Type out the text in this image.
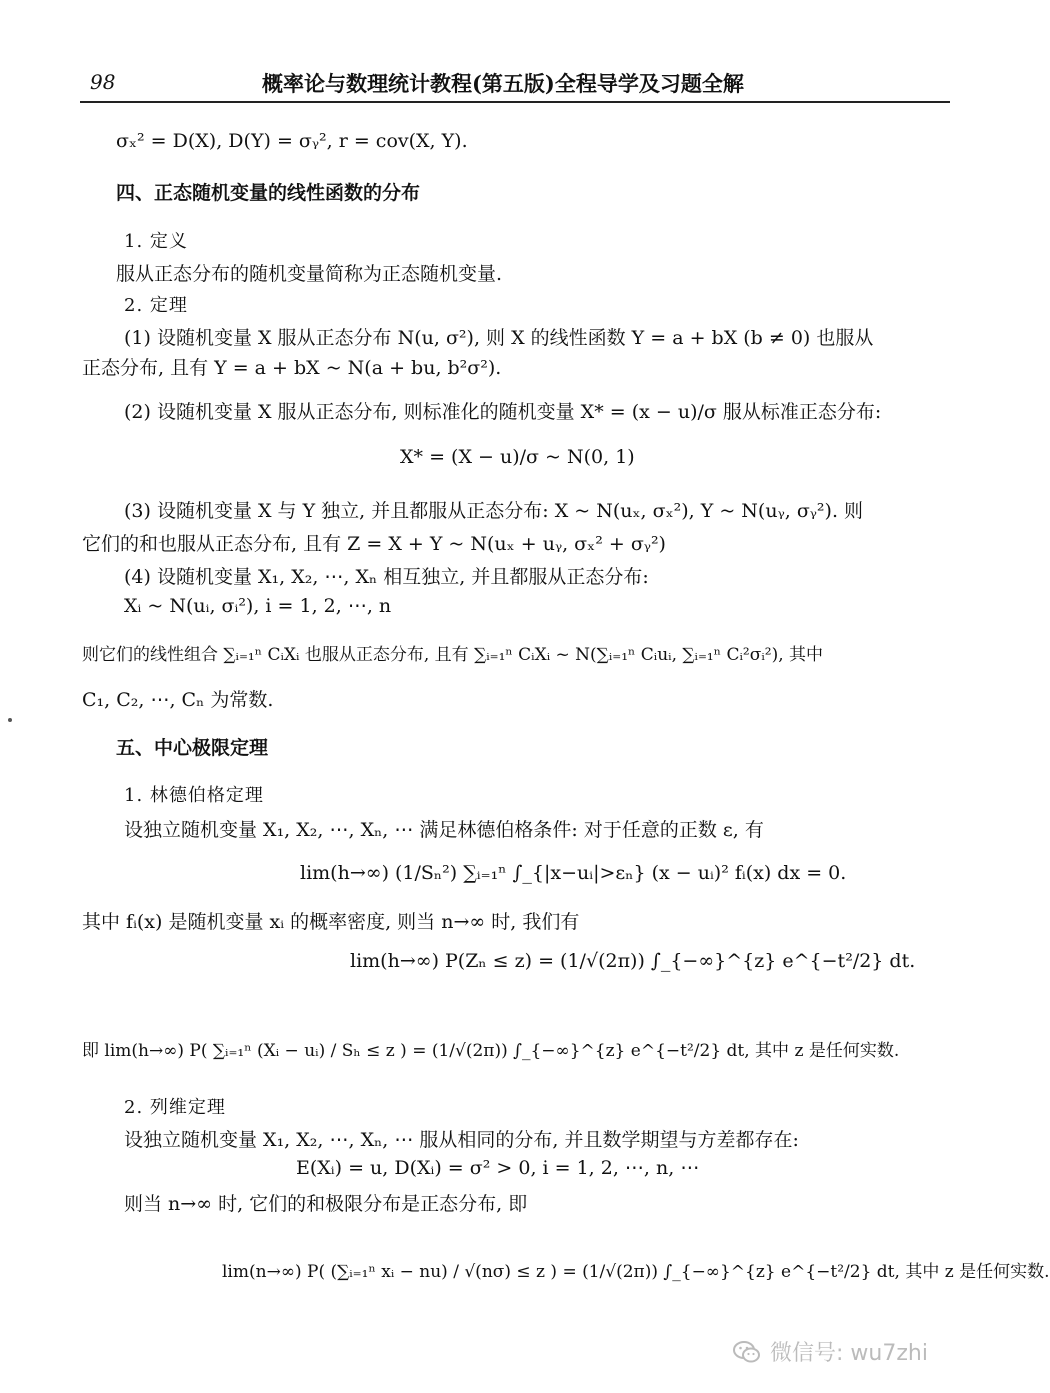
98	概率论与数理统计教程(第五版)全程导学及习题全解
σₓ² = D(X), D(Y) = σᵧ², r = cov(X, Y).
四、正态随机变量的线性函数的分布
1. 定义
服从正态分布的随机变量简称为正态随机变量.
2. 定理
(1) 设随机变量 X 服从正态分布 N(u, σ²), 则 X 的线性函数 Y = a + bX (b ≠ 0) 也服从
正态分布, 且有 Y = a + bX ~ N(a + bu, b²σ²).
(2) 设随机变量 X 服从正态分布, 则标准化的随机变量 X* = (x − u)/σ 服从标准正态分布:
X* = (X − u)/σ ~ N(0, 1)
(3) 设随机变量 X 与 Y 独立, 并且都服从正态分布: X ~ N(uₓ, σₓ²), Y ~ N(uᵧ, σᵧ²). 则
它们的和也服从正态分布, 且有 Z = X + Y ~ N(uₓ + uᵧ, σₓ² + σᵧ²)
(4) 设随机变量 X₁, X₂, ⋯, Xₙ 相互独立, 并且都服从正态分布:
Xᵢ ~ N(uᵢ, σᵢ²), i = 1, 2, ⋯, n
则它们的线性组合 ∑ᵢ₌₁ⁿ CᵢXᵢ 也服从正态分布, 且有 ∑ᵢ₌₁ⁿ CᵢXᵢ ~ N(∑ᵢ₌₁ⁿ Cᵢuᵢ, ∑ᵢ₌₁ⁿ Cᵢ²σᵢ²), 其中
C₁, C₂, ⋯, Cₙ 为常数.
五、中心极限定理
1. 林德伯格定理
设独立随机变量 X₁, X₂, ⋯, Xₙ, ⋯ 满足林德伯格条件: 对于任意的正数 ε, 有
lim(h→∞) (1/Sₙ²) ∑ᵢ₌₁ⁿ ∫_{|x−uᵢ|>εₙ} (x − uᵢ)² fᵢ(x) dx = 0.
其中 fᵢ(x) 是随机变量 xᵢ 的概率密度, 则当 n→∞ 时, 我们有
lim(h→∞) P(Zₙ ≤ z) = (1/√(2π)) ∫_{−∞}^{z} e^{−t²/2} dt.
即 lim(h→∞) P( ∑ᵢ₌₁ⁿ (Xᵢ − uᵢ) / Sₕ ≤ z ) = (1/√(2π)) ∫_{−∞}^{z} e^{−t²/2} dt, 其中 z 是任何实数.
2. 列维定理
设独立随机变量 X₁, X₂, ⋯, Xₙ, ⋯ 服从相同的分布, 并且数学期望与方差都存在:
E(Xᵢ) = u, D(Xᵢ) = σ² > 0, i = 1, 2, ⋯, n, ⋯
则当 n→∞ 时, 它们的和极限分布是正态分布, 即
lim(n→∞) P( (∑ᵢ₌₁ⁿ xᵢ − nu) / √(nσ) ≤ z ) = (1/√(2π)) ∫_{−∞}^{z} e^{−t²/2} dt, 其中 z 是任何实数.
微信号: wu7zhi
